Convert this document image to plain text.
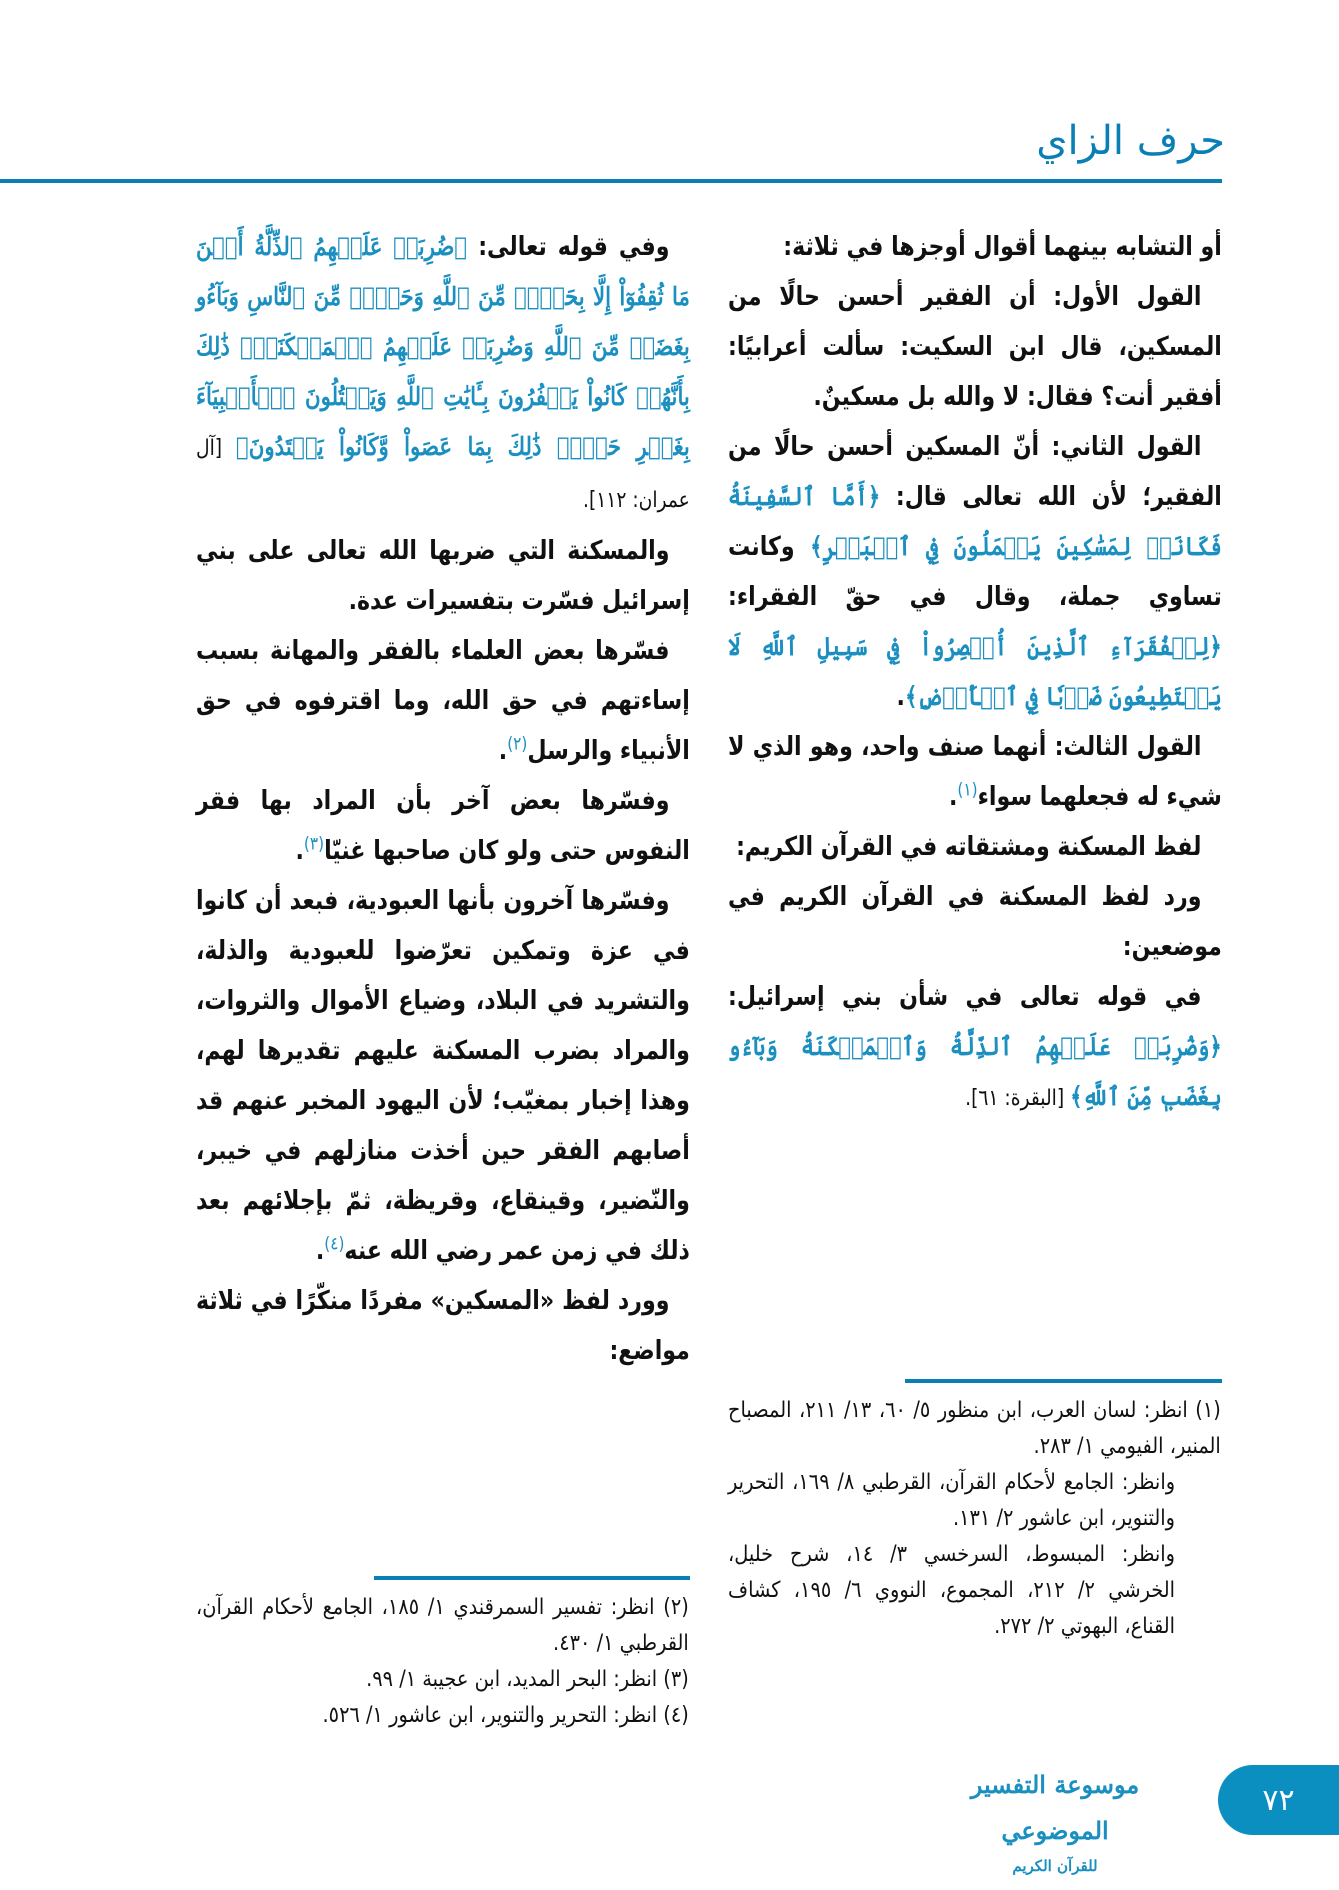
حرف الزاي

أو التشابه بينهما أقوال أوجزها في ثلاثة:

القول الأول: أن الفقير أحسن حالًا من المسكين، قال ابن السكيت: سألت أعرابيًا: أفقير أنت؟ فقال: لا والله بل مسكينٌ.

القول الثاني: أنّ المسكين أحسن حالًا من الفقير؛ لأن الله تعالى قال: ﴿أَمَّا ٱلسَّفِينَةُ فَكَانَتۡ لِمَسَٰكِينَ يَعۡمَلُونَ فِي ٱلۡبَحۡرِ﴾ وكانت تساوي جملة، وقال في حقّ الفقراء: ﴿لِلۡفُقَرَآءِ ٱلَّذِينَ أُحۡصِرُواْ فِي سَبِيلِ ٱللَّهِ لَا يَسۡتَطِيعُونَ ضَرۡبٗا فِي ٱلۡأَرۡضِ﴾.

القول الثالث: أنهما صنف واحد، وهو الذي لا شيء له فجعلهما سواء$^{(١)}$.

لفظ المسكنة ومشتقاته في القرآن الكريم:

ورد لفظ المسكنة في القرآن الكريم في موضعين:

في قوله تعالى في شأن بني إسرائيل: ﴿وَضُرِبَتۡ عَلَيۡهِمُ ٱلذِّلَّةُ وَٱلۡمَسۡكَنَةُ وَبَآءُو بِغَضَبٖ مِّنَ ٱللَّهِ﴾ [البقرة: ٦١].

(١) انظر: لسان العرب، ابن منظور ٥/ ٦٠، ١٣/ ٢١١، المصباح المنير، الفيومي ١/ ٢٨٣.

وانظر: الجامع لأحكام القرآن، القرطبي ٨/ ١٦٩، التحرير والتنوير، ابن عاشور ٢/ ١٣١.

وانظر: المبسوط، السرخسي ٣/ ١٤، شرح خليل، الخرشي ٢/ ٢١٢، المجموع، النووي ٦/ ١٩٥، كشاف القناع، البهوتي ٢/ ٢٧٢.

وفي قوله تعالى: ﴿ضُرِبَتۡ عَلَيۡهِمُ ٱلذِّلَّةُ أَيۡنَ مَا ثُقِفُوٓاْ إِلَّا بِحَبۡلٖ مِّنَ ٱللَّهِ وَحَبۡلٖ مِّنَ ٱلنَّاسِ وَبَآءُو بِغَضَبٖ مِّنَ ٱللَّهِ وَضُرِبَتۡ عَلَيۡهِمُ ٱلۡمَسۡكَنَةُۚ ذَٰلِكَ بِأَنَّهُمۡ كَانُواْ يَكۡفُرُونَ بِـَٔايَٰتِ ٱللَّهِ وَيَقۡتُلُونَ ٱلۡأَنۢبِيَآءَ بِغَيۡرِ حَقّٖۚ ذَٰلِكَ بِمَا عَصَواْ وَّكَانُواْ يَعۡتَدُونَ﴾ [آل عمران: ١١٢].

والمسكنة التي ضربها الله تعالى على بني إسرائيل فسّرت بتفسيرات عدة.

فسّرها بعض العلماء بالفقر والمهانة بسبب إساءتهم في حق الله، وما اقترفوه في حق الأنبياء والرسل$^{(٢)}$.

وفسّرها بعض آخر بأن المراد بها فقر النفوس حتى ولو كان صاحبها غنيّا$^{(٣)}$.

وفسّرها آخرون بأنها العبودية، فبعد أن كانوا في عزة وتمكين تعرّضوا للعبودية والذلة، والتشريد في البلاد، وضياع الأموال والثروات، والمراد بضرب المسكنة عليهم تقديرها لهم، وهذا إخبار بمغيّب؛ لأن اليهود المخبر عنهم قد أصابهم الفقر حين أخذت منازلهم في خيبر، والنّضير، وقينقاع، وقريظة، ثمّ بإجلائهم بعد ذلك في زمن عمر رضي الله عنه$^{(٤)}$.

وورد لفظ «المسكين» مفردًا منكّرًا في ثلاثة مواضع:

(٢) انظر: تفسير السمرقندي ١/ ١٨٥، الجامع لأحكام القرآن، القرطبي ١/ ٤٣٠.

(٣) انظر: البحر المديد، ابن عجيبة ١/ ٩٩.

(٤) انظر: التحرير والتنوير، ابن عاشور ١/ ٥٢٦.

موسوعة التفسير الموضوعي
للقرآن الكريم
٧٢
